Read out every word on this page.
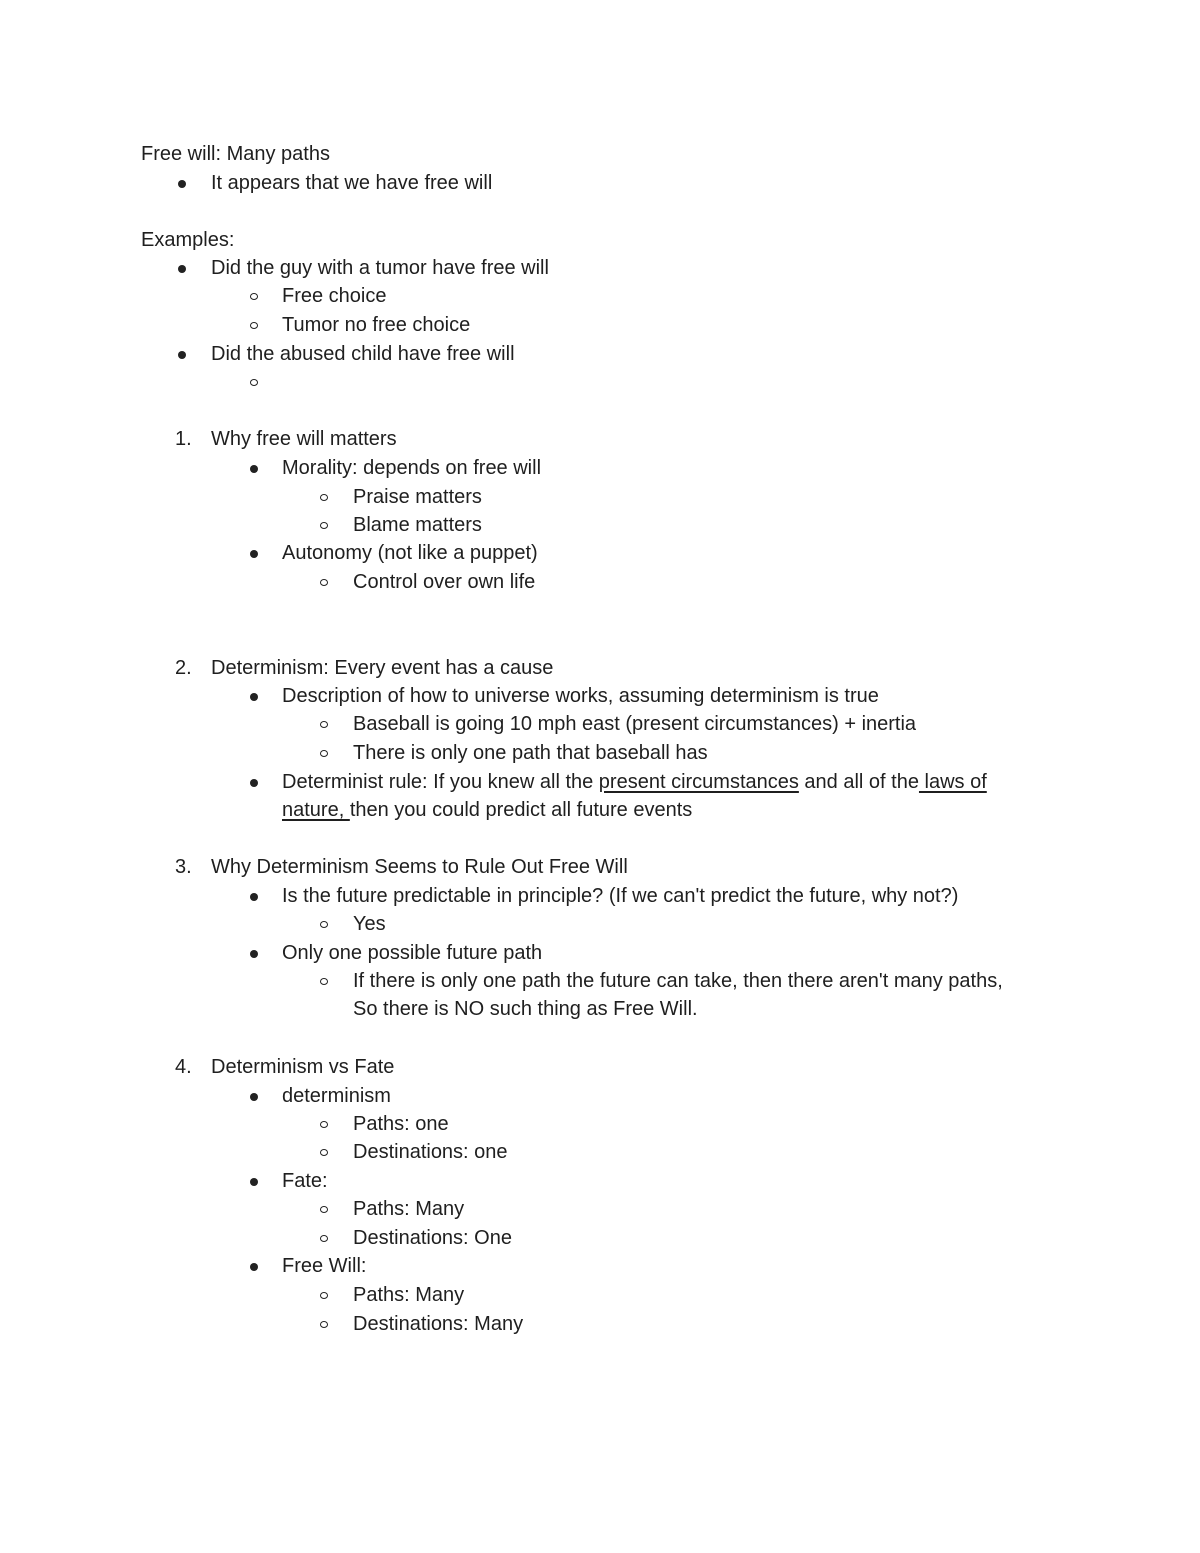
Free will: Many paths
It appears that we have free will
Examples:
Did the guy with a tumor have free will
Free choice
Tumor no free choice
Did the abused child have free will
1. Why free will matters
Morality: depends on free will
Praise matters
Blame matters
Autonomy (not like a puppet)
Control over own life
2. Determinism: Every event has a cause
Description of how to universe works, assuming determinism is true
Baseball is going 10 mph east (present circumstances) + inertia
There is only one path that baseball has
Determinist rule: If you knew all the present circumstances and all of the laws of
nature, then you could predict all future events
3. Why Determinism Seems to Rule Out Free Will
Is the future predictable in principle? (If we can't predict the future, why not?)
Yes
Only one possible future path
If there is only one path the future can take, then there aren't many paths,
So there is NO such thing as Free Will.
4. Determinism vs Fate
determinism
Paths: one
Destinations: one
Fate:
Paths: Many
Destinations: One
Free Will:
Paths: Many
Destinations: Many
